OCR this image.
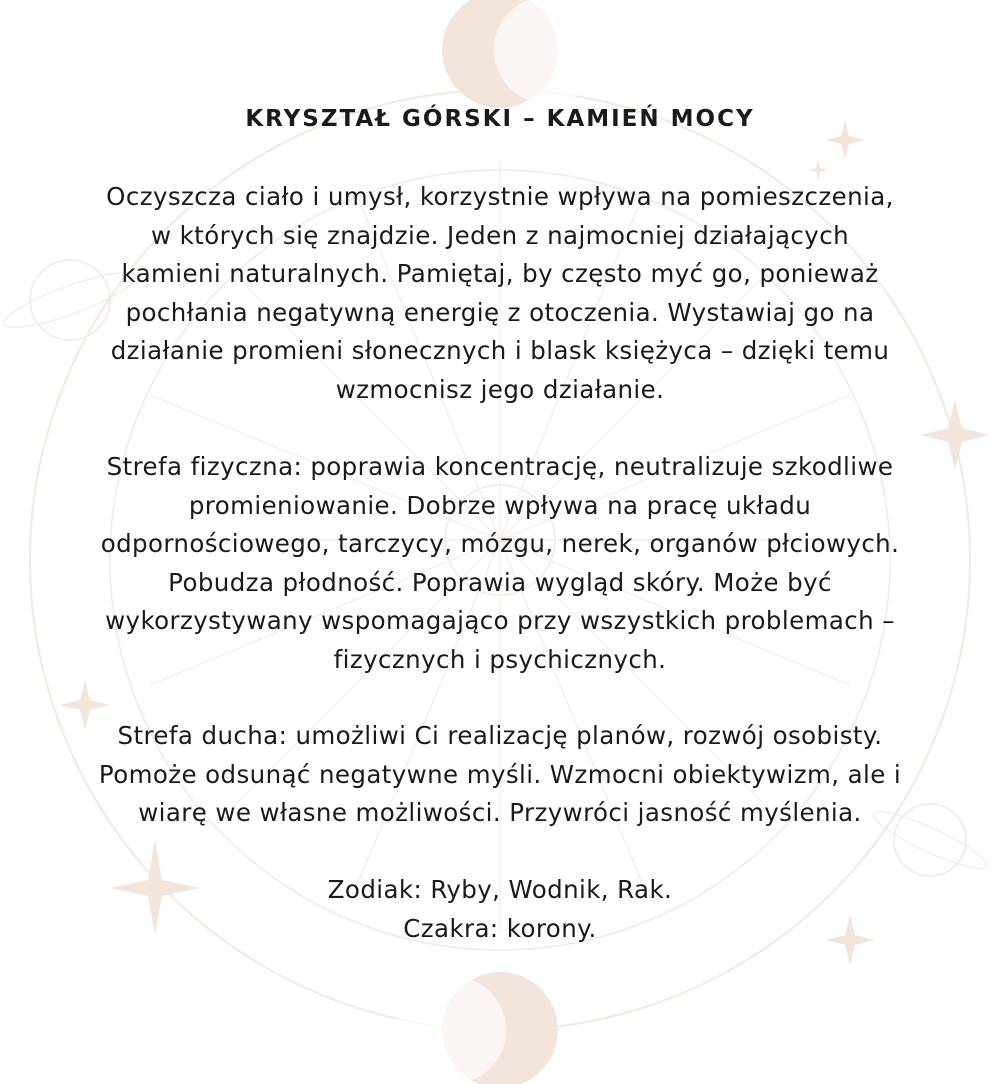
KRYSZTAŁ GÓRSKI – KAMIEŃ MOCY

Oczyszcza ciało i umysł, korzystnie wpływa na pomieszczenia,
w których się znajdzie. Jeden z najmocniej działających
kamieni naturalnych. Pamiętaj, by często myć go, ponieważ
pochłania negatywną energię z otoczenia. Wystawiaj go na
działanie promieni słonecznych i blask księżyca – dzięki temu
wzmocnisz jego działanie.

Strefa fizyczna: poprawia koncentrację, neutralizuje szkodliwe
promieniowanie. Dobrze wpływa na pracę układu
odpornościowego, tarczycy, mózgu, nerek, organów płciowych.
Pobudza płodność. Poprawia wygląd skóry. Może być
wykorzystywany wspomagająco przy wszystkich problemach –
fizycznych i psychicznych.

Strefa ducha: umożliwi Ci realizację planów, rozwój osobisty.
Pomoże odsunąć negatywne myśli. Wzmocni obiektywizm, ale i
wiarę we własne możliwości. Przywróci jasność myślenia.

Zodiak: Ryby, Wodnik, Rak.
Czakra: korony.
